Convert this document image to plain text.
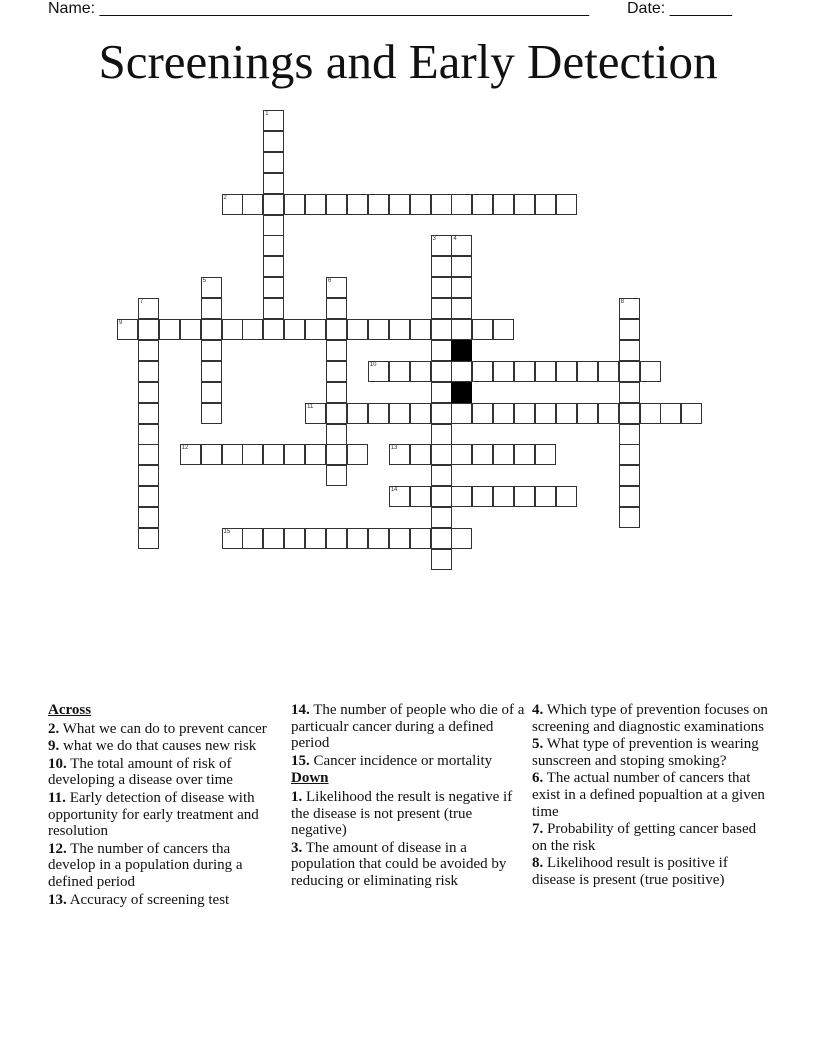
Name: _______________________________________________________ Date: _______
Screenings and Early Detection
1
2
3	4
5	6
7	8
9
10
11
12	13
14
15
Across
2. What we can do to prevent cancer
9. what we do that causes new risk
10. The total amount of risk of developing a disease over time
11. Early detection of disease with opportunity for early treatment and resolution
12. The number of cancers tha develop in a population during a defined period
13. Accuracy of screening test
14. The number of people who die of a particualr cancer during a defined period
15. Cancer incidence or mortality
Down
1. Likelihood the result is negative if the disease is not present (true negative)
3. The amount of disease in a population that could be avoided by reducing or eliminating risk
4. Which type of prevention focuses on screening and diagnostic examinations
5. What type of prevention is wearing sunscreen and stoping smoking?
6. The actual number of cancers that exist in a defined popualtion at a given time
7. Probability of getting cancer based on the risk
8. Likelihood result is positive if disease is present (true positive)
